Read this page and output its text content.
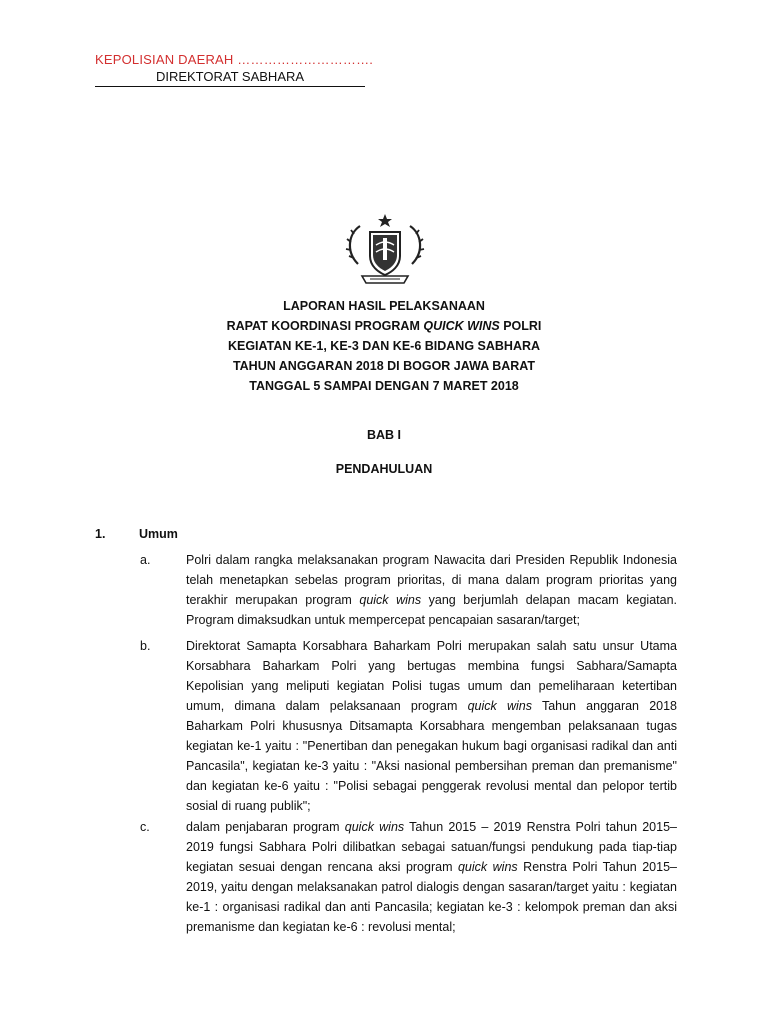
KEPOLISIAN DAERAH ………………………….
DIREKTORAT SABHARA
LAPORAN HASIL PELAKSANAAN
RAPAT KOORDINASI PROGRAM QUICK WINS POLRI
KEGIATAN KE-1, KE-3 DAN KE-6 BIDANG SABHARA
TAHUN ANGGARAN 2018 DI BOGOR JAWA BARAT
TANGGAL 5 SAMPAI DENGAN 7 MARET 2018
BAB I
PENDAHULUAN
1.	Umum
a.	Polri dalam rangka melaksanakan program Nawacita dari Presiden Republik Indonesia telah menetapkan sebelas program prioritas, di mana dalam program prioritas yang terakhir merupakan program quick wins yang berjumlah delapan macam kegiatan. Program dimaksudkan untuk mempercepat pencapaian sasaran/target;
b.	Direktorat Samapta Korsabhara Baharkam Polri merupakan salah satu unsur Utama Korsabhara Baharkam Polri yang bertugas membina fungsi Sabhara/Samapta Kepolisian yang meliputi kegiatan Polisi tugas umum dan pemeliharaan ketertiban umum, dimana dalam pelaksanaan program quick wins Tahun anggaran 2018 Baharkam Polri khususnya Ditsamapta Korsabhara mengemban pelaksanaan tugas kegiatan ke-1 yaitu : "Penertiban dan penegakan hukum bagi organisasi radikal dan anti Pancasila", kegiatan ke-3 yaitu : "Aksi nasional pembersihan preman dan premanisme" dan kegiatan ke-6 yaitu : "Polisi sebagai penggerak revolusi mental dan pelopor tertib sosial di ruang publik";
c.	dalam penjabaran program quick wins Tahun 2015 – 2019 Renstra Polri tahun 2015–2019 fungsi Sabhara Polri dilibatkan sebagai satuan/fungsi pendukung pada tiap-tiap kegiatan sesuai dengan rencana aksi program quick wins Renstra Polri Tahun 2015–2019, yaitu dengan melaksanakan patrol dialogis dengan sasaran/target yaitu : kegiatan ke-1 : organisasi radikal dan anti Pancasila; kegiatan ke-3 : kelompok preman dan aksi premanisme dan kegiatan ke-6 : revolusi mental;
